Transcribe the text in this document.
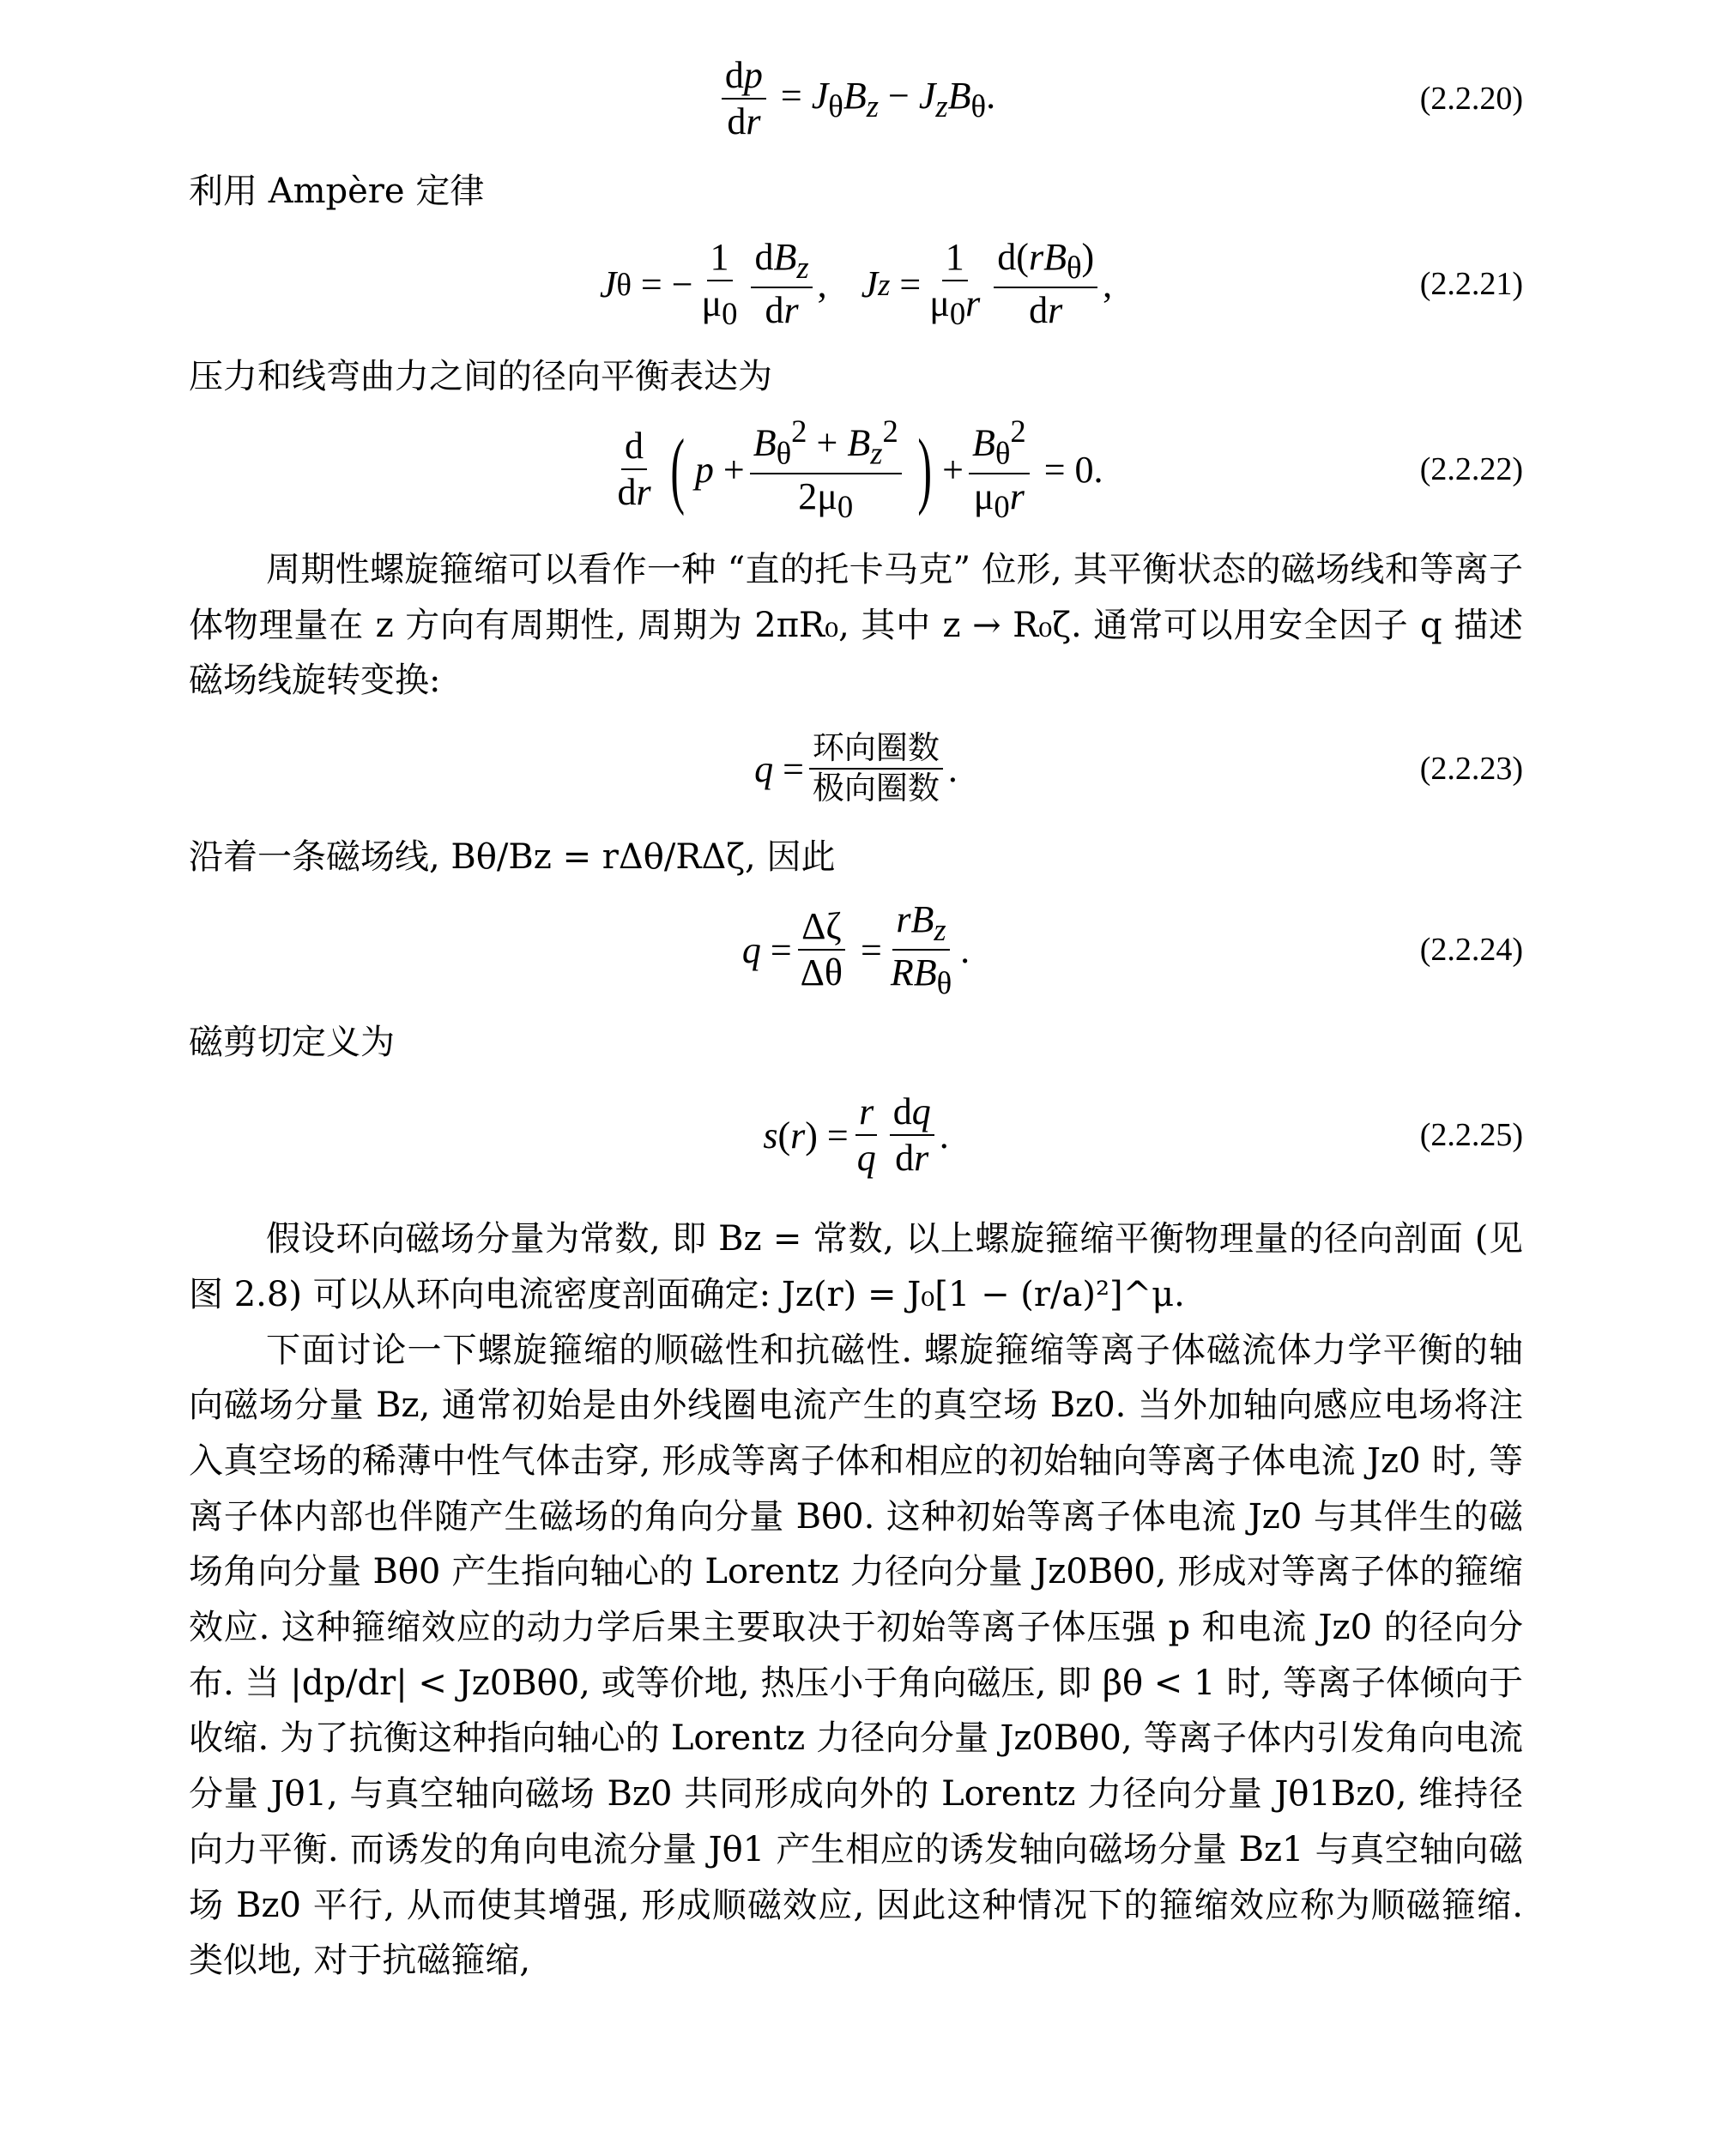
$\frac{dp}{dr} = J_\theta B_z - J_zB_\theta$.	(2.2.20)
利用 Ampère 定律
J θ = − $\frac{1}{\mu_0} \frac{dB_z}{dr}$ , J $z = \frac{1}{\mu_0r} \frac{d(rB_\theta)}{dr}$ ,	(2.2.21)
压力和线弯曲力之间的径向平衡表达为
$\frac{d}{dr}$ ( $p + \frac{B_\theta^2 + B_z^2}{2\mu_0}$ ) + $\frac{B_\theta^2}{\mu_0r} = 0$.	(2.2.22)

周期性螺旋箍缩可以看作一种 “直的托卡马克” 位形, 其平衡状态的磁场线和等离子体物理量在 z 方向有周期性, 周期为 2πR₀, 其中 z → R₀ζ. 通常可以用安全因子 q 描述磁场线旋转变换:

$q = \frac{\text{环向圈数}}{\text{极向圈数}}$ .	(2.2.23)
沿着一条磁场线, Bθ/Bz = rΔθ/RΔζ, 因此
$q = \frac{\Delta\zeta}{\Delta\theta} = \frac{rB_z}{RB_\theta}$ .	(2.2.24)
磁剪切定义为
s ( r ) = $\frac{r}{q} \frac{dq}{dr}$ .	(2.2.25)

假设环向磁场分量为常数, 即 Bz = 常数, 以上螺旋箍缩平衡物理量的径向剖面 (见图 2.8) 可以从环向电流密度剖面确定: Jz(r) = J₀[1 − (r/a)²]^μ.

下面讨论一下螺旋箍缩的顺磁性和抗磁性. 螺旋箍缩等离子体磁流体力学平衡的轴向磁场分量 Bz, 通常初始是由外线圈电流产生的真空场 Bz0. 当外加轴向感应电场将注入真空场的稀薄中性气体击穿, 形成等离子体和相应的初始轴向等离子体电流 Jz0 时, 等离子体内部也伴随产生磁场的角向分量 Bθ0. 这种初始等离子体电流 Jz0 与其伴生的磁场角向分量 Bθ0 产生指向轴心的 Lorentz 力径向分量 Jz0Bθ0, 形成对等离子体的箍缩效应. 这种箍缩效应的动力学后果主要取决于初始等离子体压强 p 和电流 Jz0 的径向分布. 当 |dp/dr| < Jz0Bθ0, 或等价地, 热压小于角向磁压, 即 βθ < 1 时, 等离子体倾向于收缩. 为了抗衡这种指向轴心的 Lorentz 力径向分量 Jz0Bθ0, 等离子体内引发角向电流分量 Jθ1, 与真空轴向磁场 Bz0 共同形成向外的 Lorentz 力径向分量 Jθ1Bz0, 维持径向力平衡. 而诱发的角向电流分量 Jθ1 产生相应的诱发轴向磁场分量 Bz1 与真空轴向磁场 Bz0 平行, 从而使其增强, 形成顺磁效应, 因此这种情况下的箍缩效应称为顺磁箍缩. 类似地, 对于抗磁箍缩,
